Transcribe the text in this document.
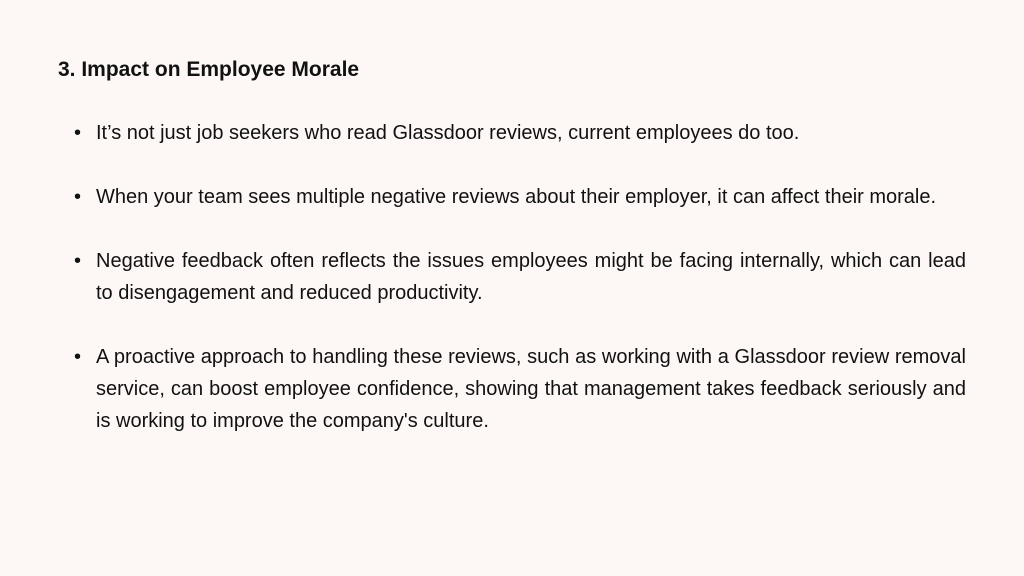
3. Impact on Employee Morale
• It’s not just job seekers who read Glassdoor reviews, current employees do too.
• When your team sees multiple negative reviews about their employer, it can affect their morale.
• Negative feedback often reflects the issues employees might be facing internally, which can lead to disengagement and reduced productivity.
• A proactive approach to handling these reviews, such as working with a Glassdoor review removal service, can boost employee confidence, showing that management takes feedback seriously and is working to improve the company's culture.
